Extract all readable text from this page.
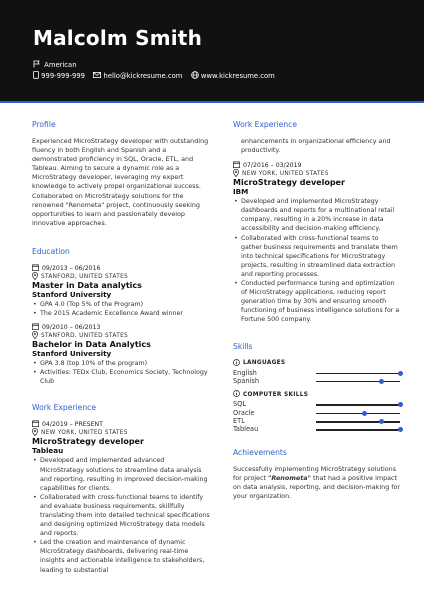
Malcolm Smith
American
999-999-999	hello@kickresume.com	www.kickresume.com
Profile

Experienced MicroStrategy developer with outstanding fluency in both English and Spanish and a demonstrated proficiency in SQL, Oracle, ETL, and Tableau. Aiming to secure a dynamic role as a MicroStrategy developer, leveraging my expert knowledge to actively propel organizational success. Collaborated on MicroStrategy solutions for the renowned "Renometa" project, continuously seeking opportunities to learn and passionately develop innovative approaches.

Education
09/2013 – 06/2016
STANFORD, UNITED STATES
Master in Data analytics
Stanford University
• GPA 4.0 (Top 5% of the Program)
• The 2015 Academic Excellence Award winner
09/2010 – 06/2013
STANFORD, UNITED STATES
Bachelor in Data Analytics
Stanford University
• GPA 3.8 (top 10% of the program)
• Activities: TEDx Club, Economics Society, Technology Club
Work Experience
04/2019 – PRESENT
NEW YORK, UNITED STATES
MicroStrategy developer
Tableau
• Developed and implemented advanced MicroStrategy solutions to streamline data analysis and reporting, resulting in improved decision-making capabilities for clients.
• Collaborated with cross-functional teams to identify and evaluate business requirements, skillfully translating them into detailed technical specifications and designing optimized MicroStrategy data models and reports.
• Led the creation and maintenance of dynamic MicroStrategy dashboards, delivering real-time insights and actionable intelligence to stakeholders, leading to substantial
Work Experience

enhancements in organizational efficiency and productivity.

07/2016 – 03/2019
NEW YORK, UNITED STATES
MicroStrategy developer
IBM
• Developed and implemented MicroStrategy dashboards and reports for a multinational retail company, resulting in a 20% increase in data accessibility and decision-making efficiency.
• Collaborated with cross-functional teams to gather business requirements and translate them into technical specifications for MicroStrategy projects, resulting in streamlined data extraction and reporting processes.
• Conducted performance tuning and optimization of MicroStrategy applications, reducing report generation time by 30% and ensuring smooth functioning of business intelligence solutions for a Fortune 500 company.
Skills
LANGUAGES
English
Spanish
COMPUTER SKILLS
SQL
Oracle
ETL
Tableau
Achievements

Successfully implementing MicroStrategy solutions for project "Renometa" that had a positive impact on data analysis, reporting, and decision-making for your organization.
